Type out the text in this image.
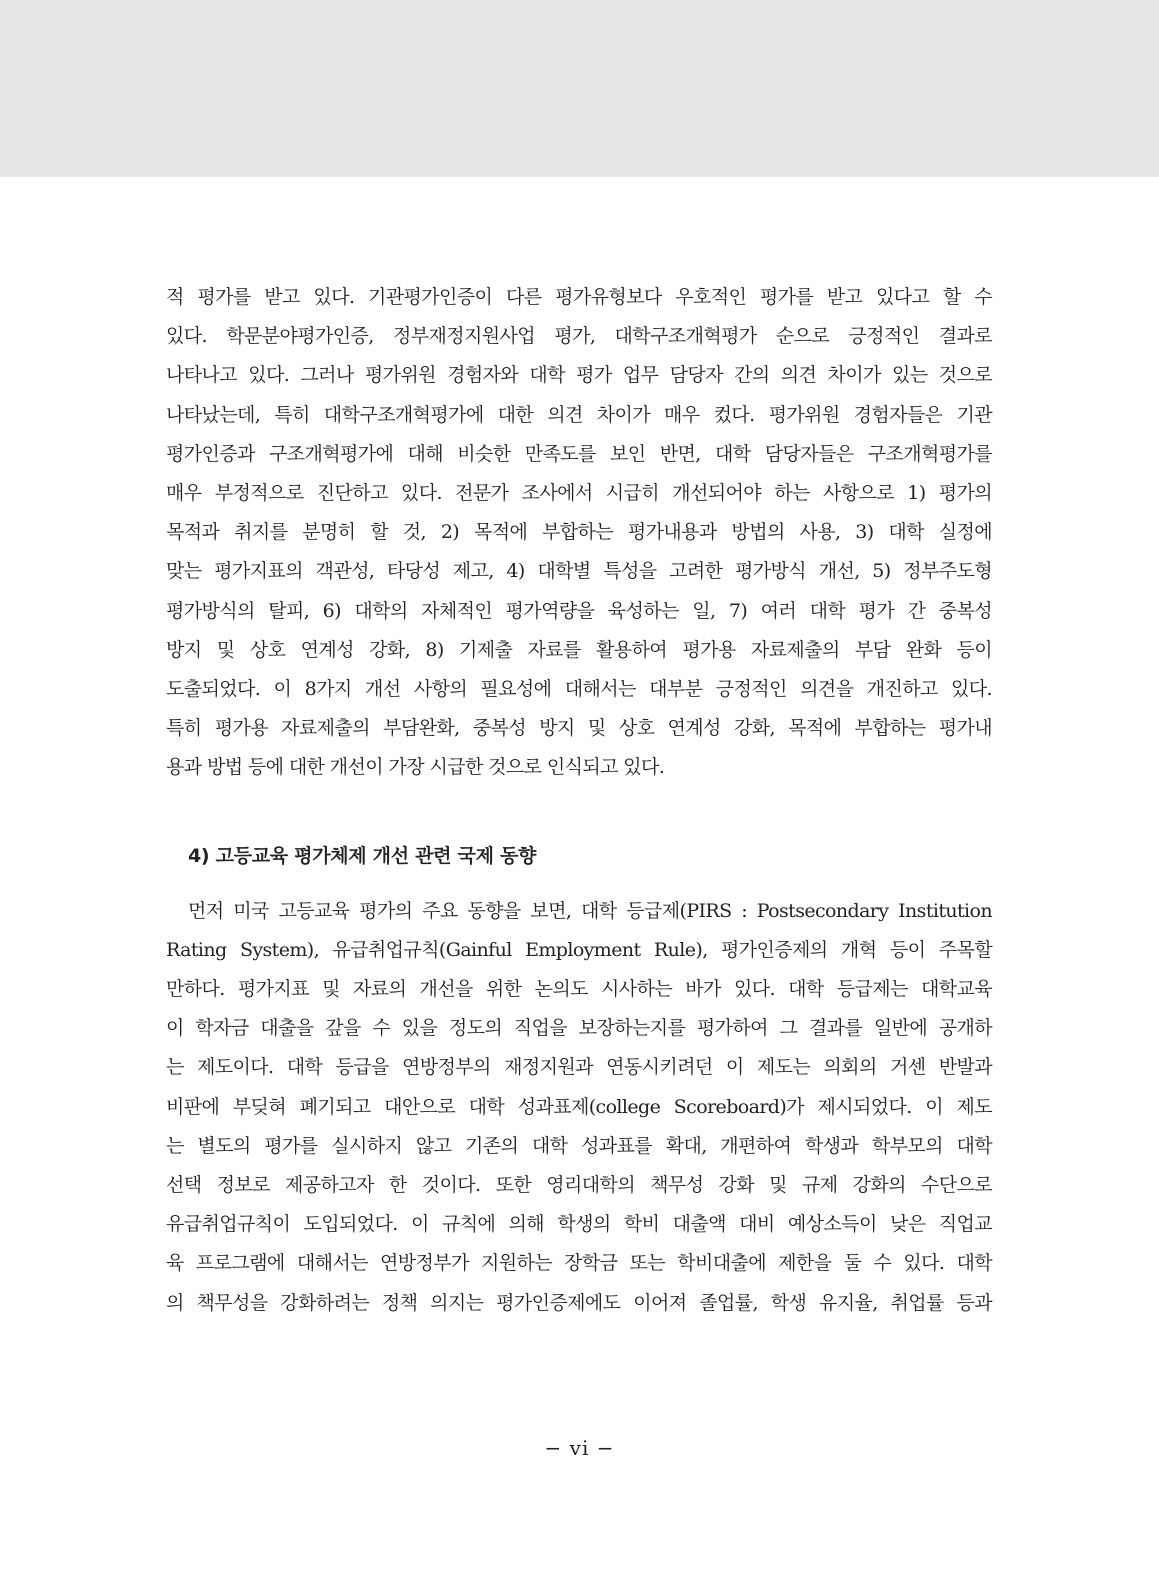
적 평가를 받고 있다. 기관평가인증이 다른 평가유형보다 우호적인 평가를 받고 있다고 할 수
있다. 학문분야평가인증, 정부재정지원사업 평가, 대학구조개혁평가 순으로 긍정적인 결과로
나타나고 있다. 그러나 평가위원 경험자와 대학 평가 업무 담당자 간의 의견 차이가 있는 것으로
나타났는데, 특히 대학구조개혁평가에 대한 의견 차이가 매우 컸다. 평가위원 경험자들은 기관
평가인증과 구조개혁평가에 대해 비슷한 만족도를 보인 반면, 대학 담당자들은 구조개혁평가를
매우 부정적으로 진단하고 있다. 전문가 조사에서 시급히 개선되어야 하는 사항으로 1) 평가의
목적과 취지를 분명히 할 것, 2) 목적에 부합하는 평가내용과 방법의 사용, 3) 대학 실정에
맞는 평가지표의 객관성, 타당성 제고, 4) 대학별 특성을 고려한 평가방식 개선, 5) 정부주도형
평가방식의 탈피, 6) 대학의 자체적인 평가역량을 육성하는 일, 7) 여러 대학 평가 간 중복성
방지 및 상호 연계성 강화, 8) 기제출 자료를 활용하여 평가용 자료제출의 부담 완화 등이
도출되었다. 이 8가지 개선 사항의 필요성에 대해서는 대부분 긍정적인 의견을 개진하고 있다.
특히 평가용 자료제출의 부담완화, 중복성 방지 및 상호 연계성 강화, 목적에 부합하는 평가내
용과 방법 등에 대한 개선이 가장 시급한 것으로 인식되고 있다.
4) 고등교육 평가체제 개선 관련 국제 동향
먼저 미국 고등교육 평가의 주요 동향을 보면, 대학 등급제(PIRS : Postsecondary Institution
Rating System), 유급취업규칙(Gainful Employment Rule), 평가인증제의 개혁 등이 주목할
만하다. 평가지표 및 자료의 개선을 위한 논의도 시사하는 바가 있다. 대학 등급제는 대학교육
이 학자금 대출을 갚을 수 있을 정도의 직업을 보장하는지를 평가하여 그 결과를 일반에 공개하
는 제도이다. 대학 등급을 연방정부의 재정지원과 연동시키려던 이 제도는 의회의 거센 반발과
비판에 부딪혀 폐기되고 대안으로 대학 성과표제(college Scoreboard)가 제시되었다. 이 제도
는 별도의 평가를 실시하지 않고 기존의 대학 성과표를 확대, 개편하여 학생과 학부모의 대학
선택 정보로 제공하고자 한 것이다. 또한 영리대학의 책무성 강화 및 규제 강화의 수단으로
유급취업규칙이 도입되었다. 이 규칙에 의해 학생의 학비 대출액 대비 예상소득이 낮은 직업교
육 프로그램에 대해서는 연방정부가 지원하는 장학금 또는 학비대출에 제한을 둘 수 있다. 대학
의 책무성을 강화하려는 정책 의지는 평가인증제에도 이어져 졸업률, 학생 유지율, 취업률 등과
− vi −
